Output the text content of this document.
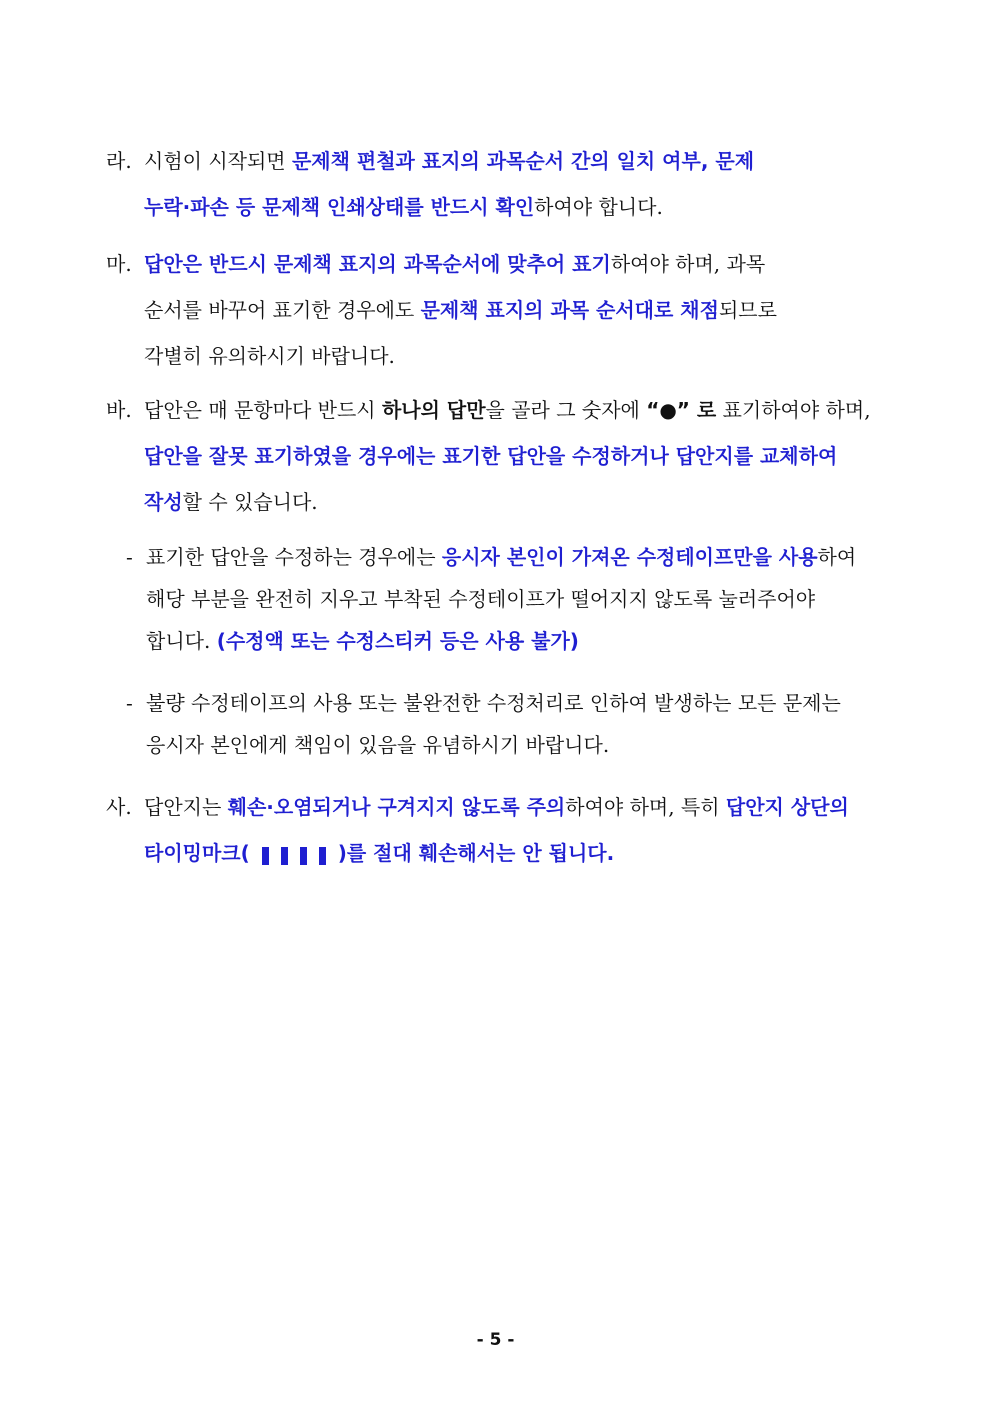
라. 시험이 시작되면 문제책 편철과 표지의 과목순서 간의 일치 여부, 문제
누락·파손 등 문제책 인쇄상태를 반드시 확인하여야 합니다.
마. 답안은 반드시 문제책 표지의 과목순서에 맞추어 표기하여야 하며, 과목
순서를 바꾸어 표기한 경우에도 문제책 표지의 과목 순서대로 채점되므로
각별히 유의하시기 바랍니다.
바. 답안은 매 문항마다 반드시 하나의 답만을 골라 그 숫자에 “●” 로 표기하여야 하며,
답안을 잘못 표기하였을 경우에는 표기한 답안을 수정하거나 답안지를 교체하여
작성할 수 있습니다.
- 표기한 답안을 수정하는 경우에는 응시자 본인이 가져온 수정테이프만을 사용하여
해당 부분을 완전히 지우고 부착된 수정테이프가 떨어지지 않도록 눌러주어야
합니다. (수정액 또는 수정스티커 등은 사용 불가)
- 불량 수정테이프의 사용 또는 불완전한 수정처리로 인하여 발생하는 모든 문제는
응시자 본인에게 책임이 있음을 유념하시기 바랍니다.
사. 답안지는 훼손·오염되거나 구겨지지 않도록 주의하여야 하며, 특히 답안지 상단의
타이밍마크(	)를 절대 훼손해서는 안 됩니다.
- 5 -
